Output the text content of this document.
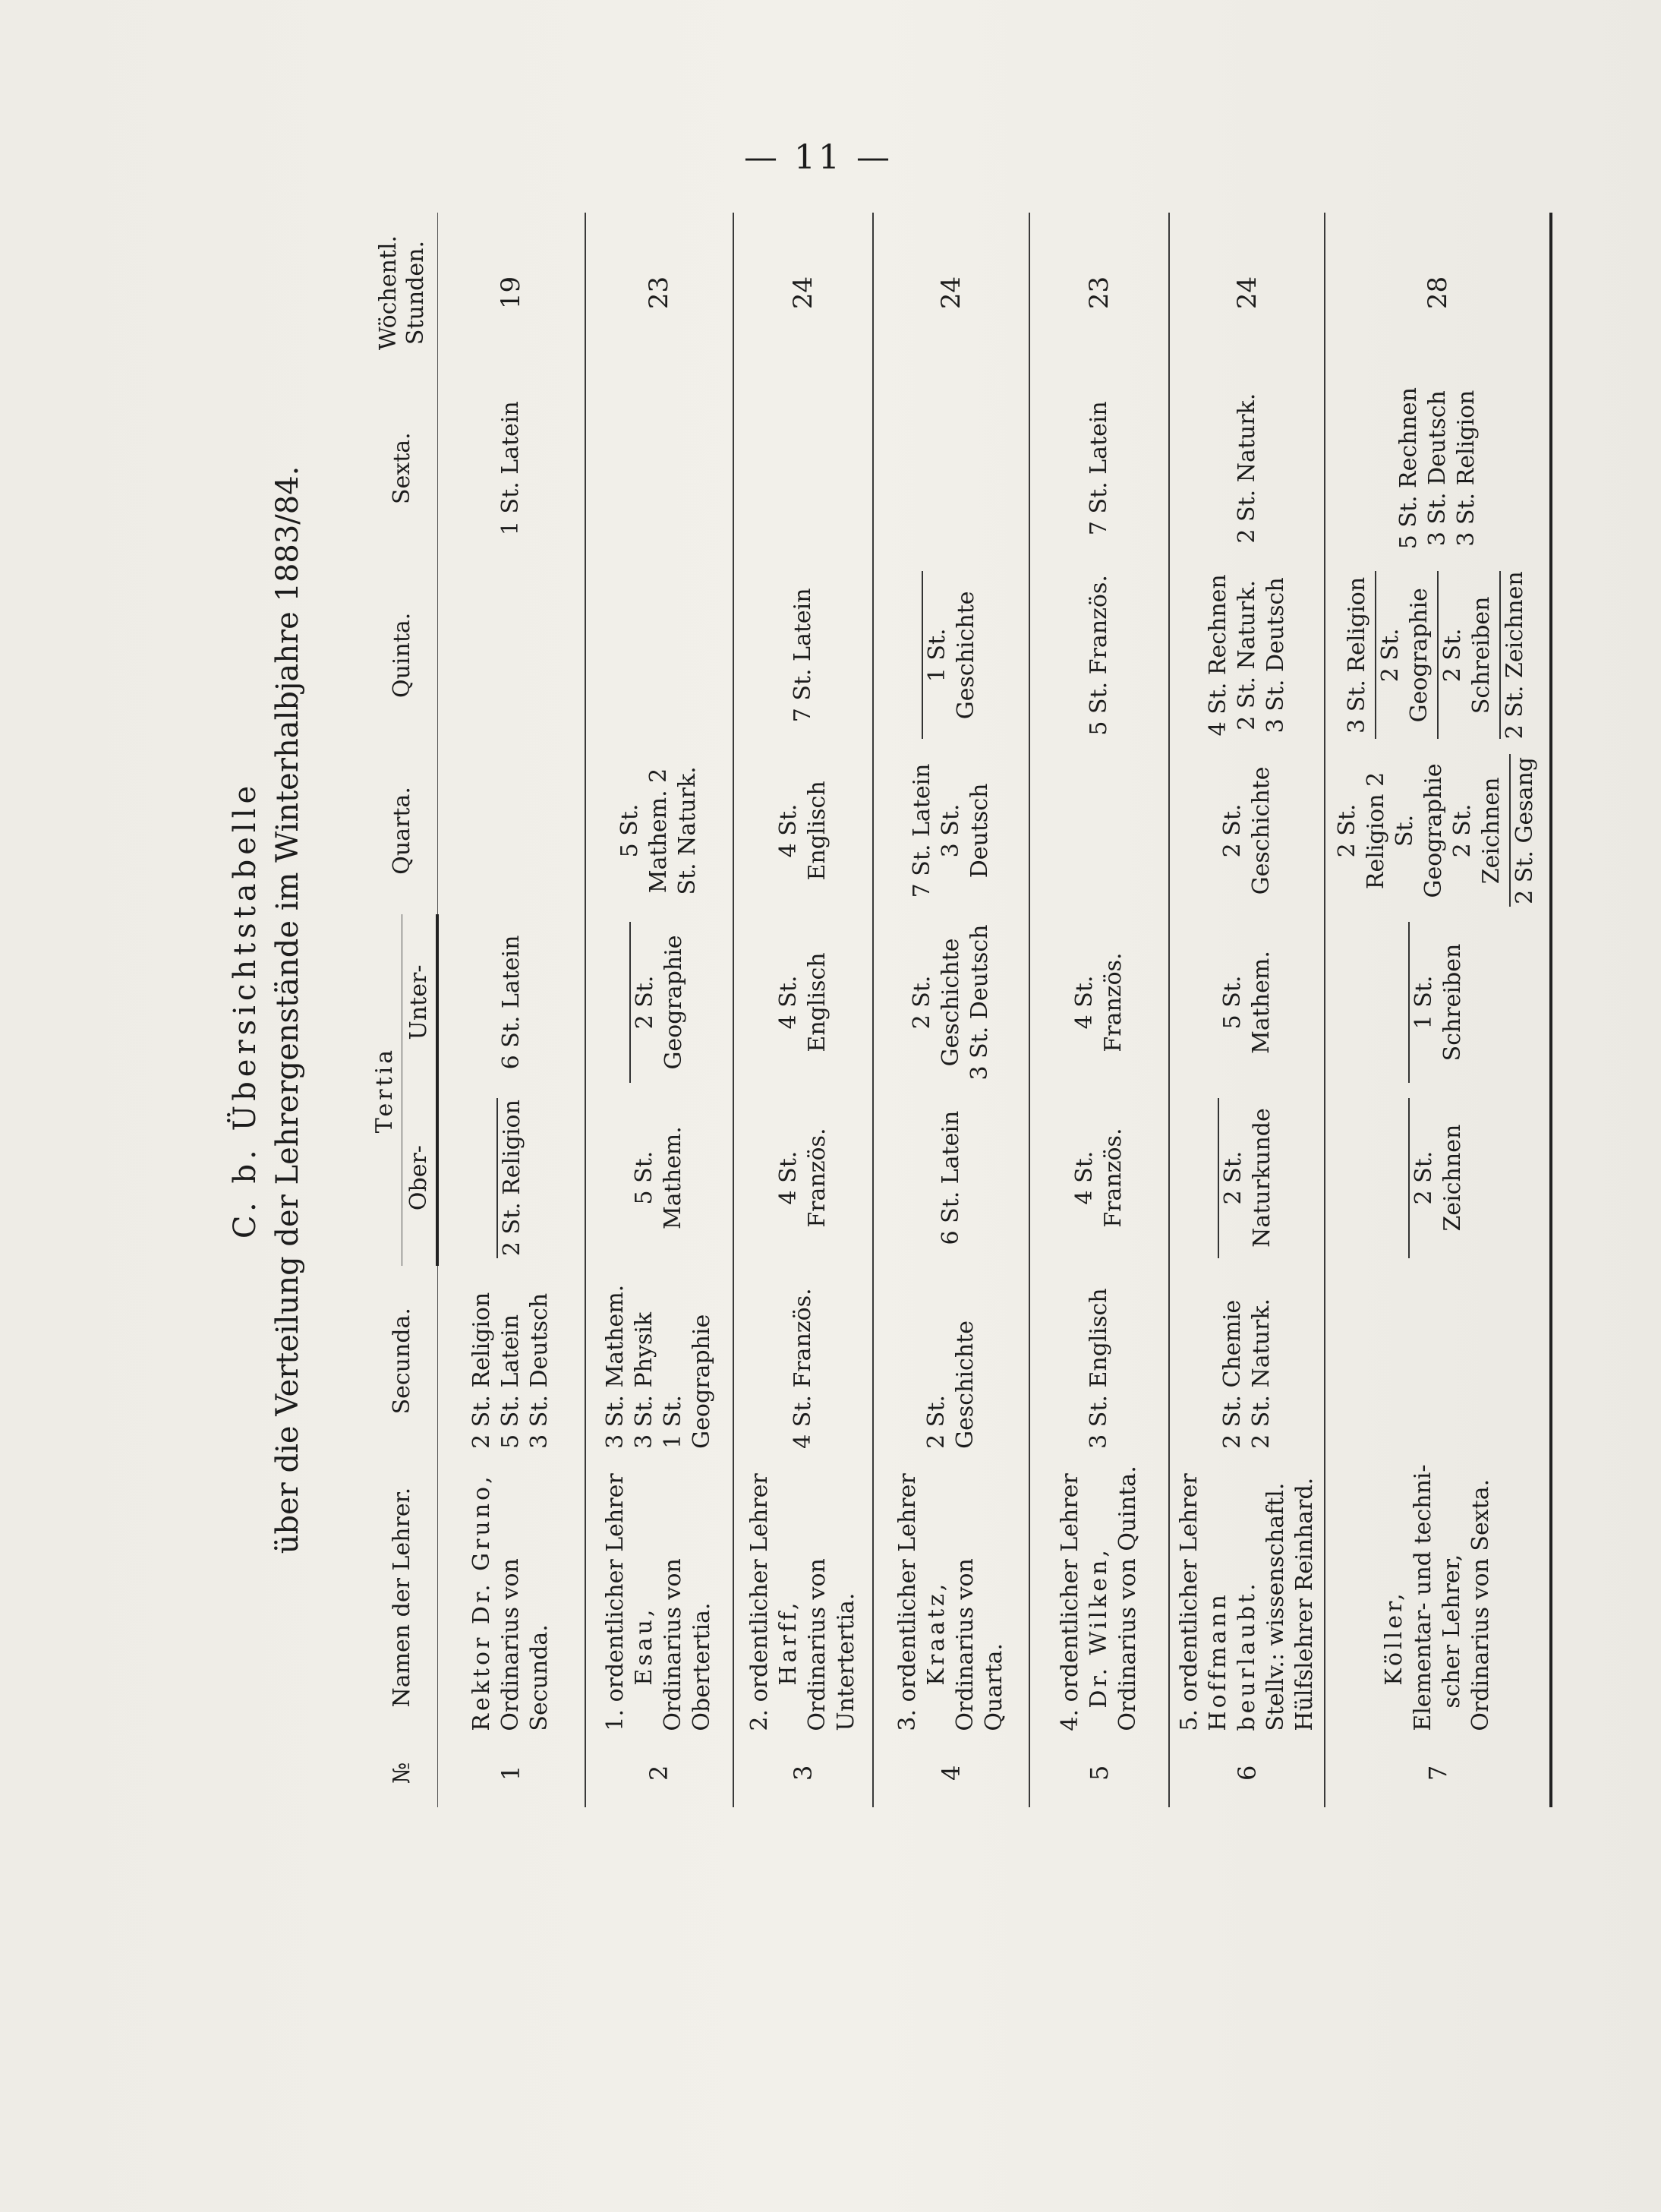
— 11 —
C. b. Übersichtstabelle über die Verteilung der Lehrergenstände im Winterhalbjahre 1883/84.
№	Namen der Lehrer.	Secunda.	Tertia		Quarta.	Quinta.	Sexta.	Wöchentl. Stunden.
			Ober-	Unter-				
1	Rektor Dr. Gruno, Ordinarius von Secunda.	2 St. Religion 5 St. Latein 3 St. Deutsch	2 St. Religion	6 St. Latein			1 St. Latein	19
2	1. ordentlicher Lehrer Esau, Ordinarius von Obertertia.	3 St. Mathem. 3 St. Physik 1 St. Geographie	5 St. Mathem.	2 St. Geographie	5 St. Mathem. 2 St. Naturk.			23
3	2. ordentlicher Lehrer Harff, Ordinarius von Untertertia.	4 St. Französ.	4 St. Französ.	4 St. Englisch	4 St. Englisch	7 St. Latein		24
4	3. ordentlicher Lehrer Kraatz, Ordinarius von Quarta.	2 St. Geschichte	6 St. Latein	2 St. Geschichte 3 St. Deutsch	7 St. Latein 3 St. Deutsch	1 St. Geschichte		24
5	4. ordentlicher Lehrer Dr. Wilken, Ordinarius von Quinta.	3 St. Englisch	4 St. Französ.	4 St. Französ.		5 St. Französ.	7 St. Latein	23
6	5. ordentlicher Lehrer Hoffmann beurlaubt. Stellv.: wissenschaftl. Hülfslehrer Reinhard.	2 St. Chemie 2 St. Naturk.	2 St. Naturkunde	5 St. Mathem.	2 St. Geschichte	4 St. Rechnen 2 St. Naturk. 3 St. Deutsch	2 St. Naturk.	24
7	Köller, Elementar- und techni- scher Lehrer, Ordinarius von Sexta.		2 St. Zeichnen	1 St. Schreiben	2 St. Religion 2 St. Geographie 2 St. Zeichnen 2 St. Gesang	3 St. Religion 2 St. Geographie 2 St. Schreiben 2 St. Zeichnen	5 St. Rechnen 3 St. Deutsch 3 St. Religion	28
